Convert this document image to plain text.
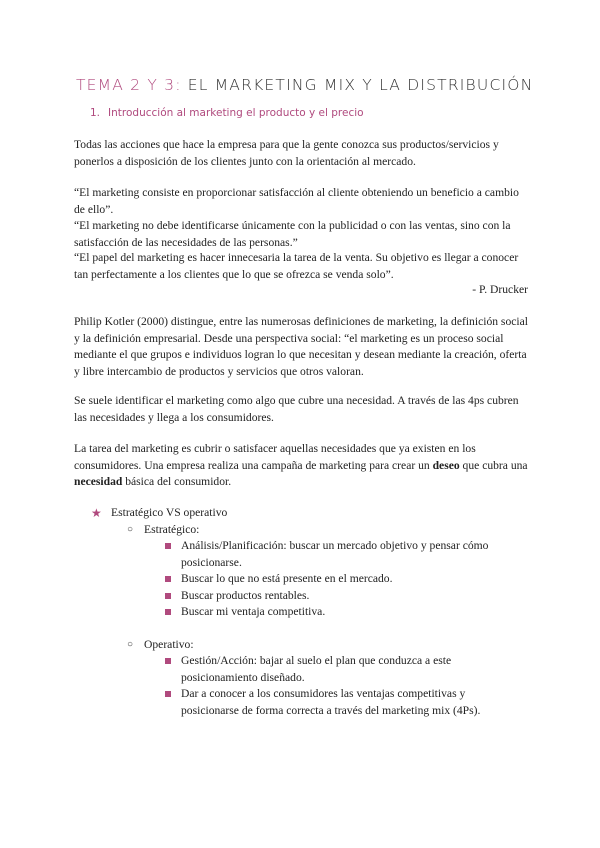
TEMA 2 Y 3: EL MARKETING MIX Y LA DISTRIBUCIÓN
1. Introducción al marketing el producto y el precio

Todas las acciones que hace la empresa para que la gente conozca sus productos/servicios y ponerlos a disposición de los clientes junto con la orientación al mercado.

“El marketing consiste en proporcionar satisfacción al cliente obteniendo un beneficio a cambio de ello”.

“El marketing no debe identificarse únicamente con la publicidad o con las ventas, sino con la satisfacción de las necesidades de las personas.”

“El papel del marketing es hacer innecesaria la tarea de la venta. Su objetivo es llegar a conocer tan perfectamente a los clientes que lo que se ofrezca se venda solo”.

- P. Drucker

Philip Kotler (2000) distingue, entre las numerosas definiciones de marketing, la definición social y la definición empresarial. Desde una perspectiva social: “el marketing es un proceso social mediante el que grupos e individuos logran lo que necesitan y desean mediante la creación, oferta y libre intercambio de productos y servicios que otros valoran.

Se suele identificar el marketing como algo que cubre una necesidad. A través de las 4ps cubren las necesidades y llega a los consumidores.

La tarea del marketing es cubrir o satisfacer aquellas necesidades que ya existen en los consumidores. Una empresa realiza una campaña de marketing para crear un deseo que cubra una necesidad básica del consumidor.

★ Estratégico VS operativo
○ Estratégico:
Análisis/Planificación: buscar un mercado objetivo y pensar cómo posicionarse.
Buscar lo que no está presente en el mercado.
Buscar productos rentables.
Buscar mi ventaja competitiva.
○ Operativo:
Gestión/Acción: bajar al suelo el plan que conduzca a este posicionamiento diseñado.
Dar a conocer a los consumidores las ventajas competitivas y posicionarse de forma correcta a través del marketing mix (4Ps).
